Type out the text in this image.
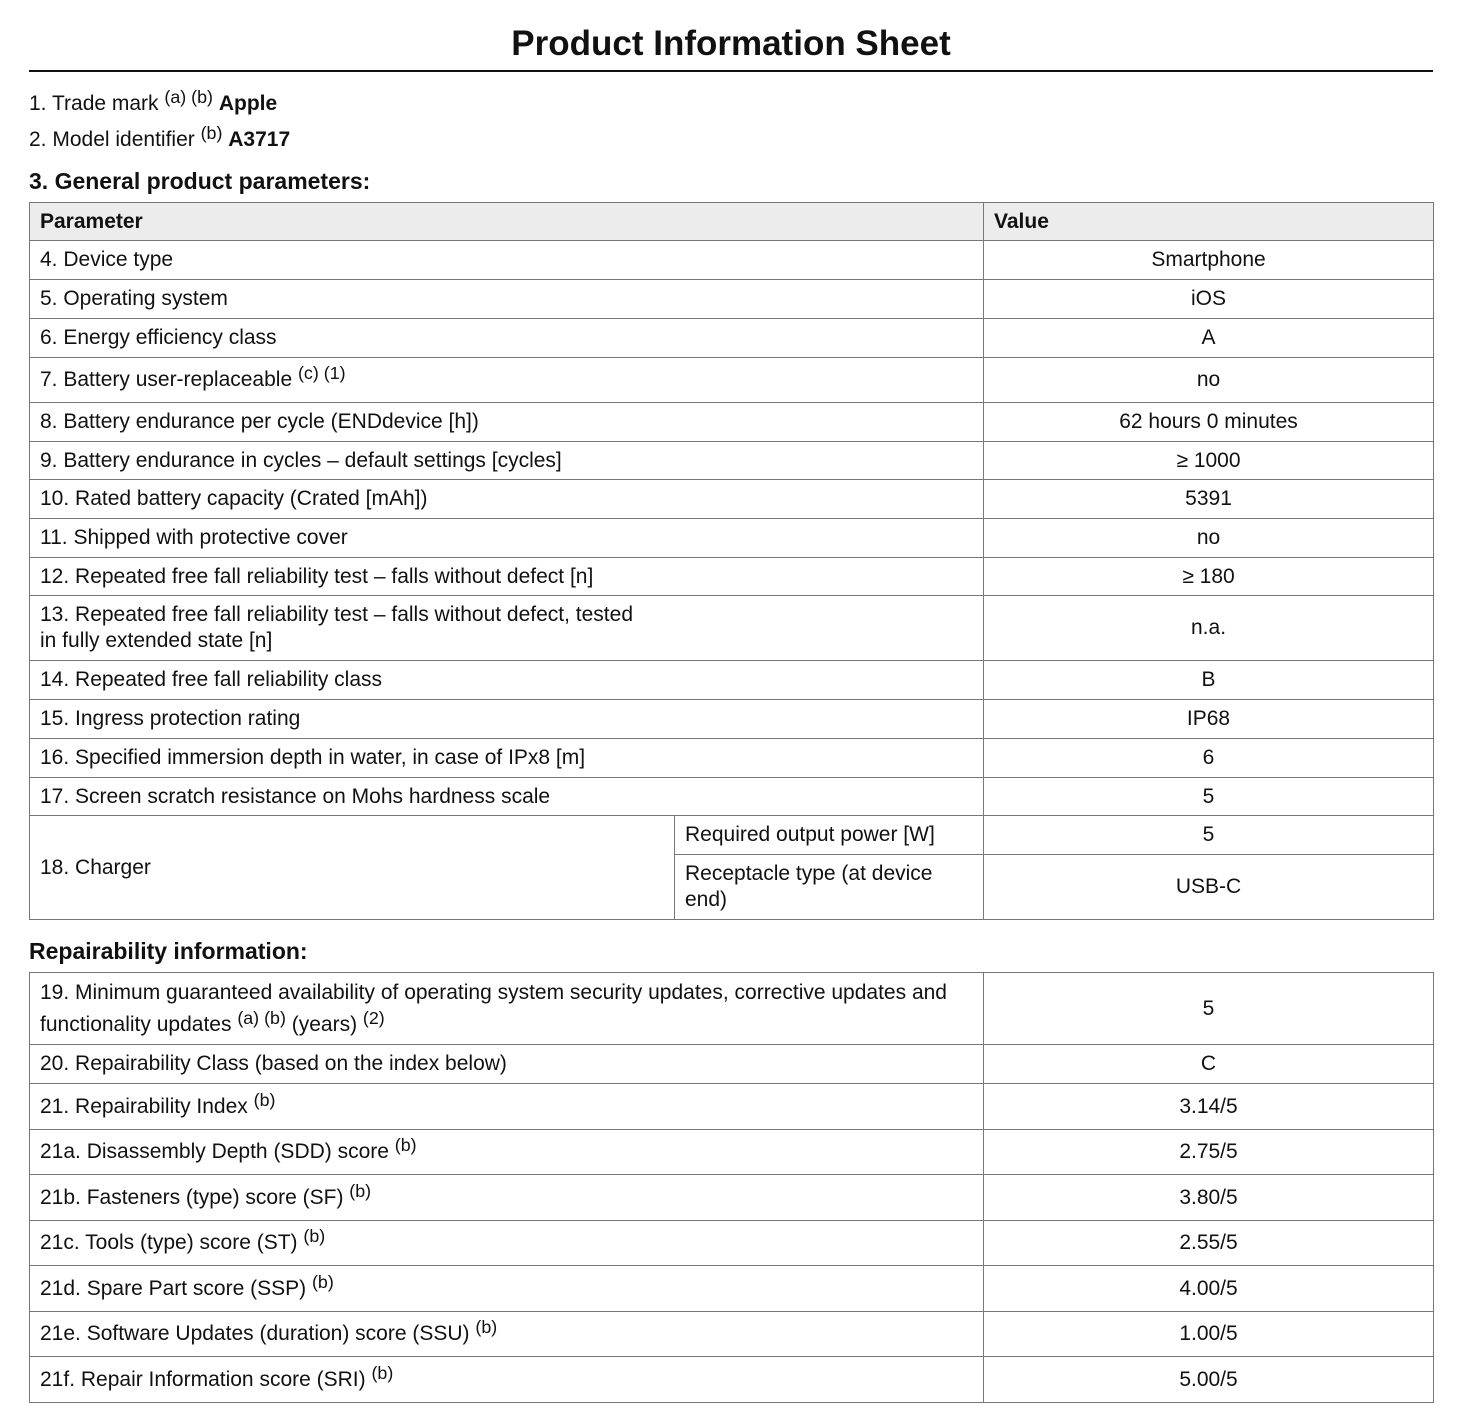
Product Information Sheet
1. Trade mark $^{(a) (b)}$ Apple
2. Model identifier $^{(b)}$ A3717
3. General product parameters:
Parameter		Value
4. Device type		Smartphone
5. Operating system		iOS
6. Energy efficiency class		A
7. Battery user-replaceable $^{(c) (1)}$		no
8. Battery endurance per cycle (ENDdevice [h])		62 hours 0 minutes
9. Battery endurance in cycles – default settings [cycles]		≥ 1000
10. Rated battery capacity (Crated [mAh])		5391
11. Shipped with protective cover		no
12. Repeated free fall reliability test – falls without defect [n]		≥ 180
13. Repeated free fall reliability test – falls without defect, tested in fully extended state [n]		n.a.
14. Repeated free fall reliability class		B
15. Ingress protection rating		IP68
16. Specified immersion depth in water, in case of IPx8 [m]		6
17. Screen scratch resistance on Mohs hardness scale		5
18. Charger	Required output power [W]	5
	Receptacle type (at device end)	USB-C
Repairability information:
19. Minimum guaranteed availability of operating system security updates, corrective updates and functionality updates $^{(a) (b)}$ (years) $^{(2)}$	5
20. Repairability Class (based on the index below)	C
21. Repairability Index $^{(b)}$	3.14/5
21a. Disassembly Depth (SDD) score $^{(b)}$	2.75/5
21b. Fasteners (type) score (SF) $^{(b)}$	3.80/5
21c. Tools (type) score (ST) $^{(b)}$	2.55/5
21d. Spare Part score (SSP) $^{(b)}$	4.00/5
21e. Software Updates (duration) score (SSU) $^{(b)}$	1.00/5
21f. Repair Information score (SRI) $^{(b)}$	5.00/5
